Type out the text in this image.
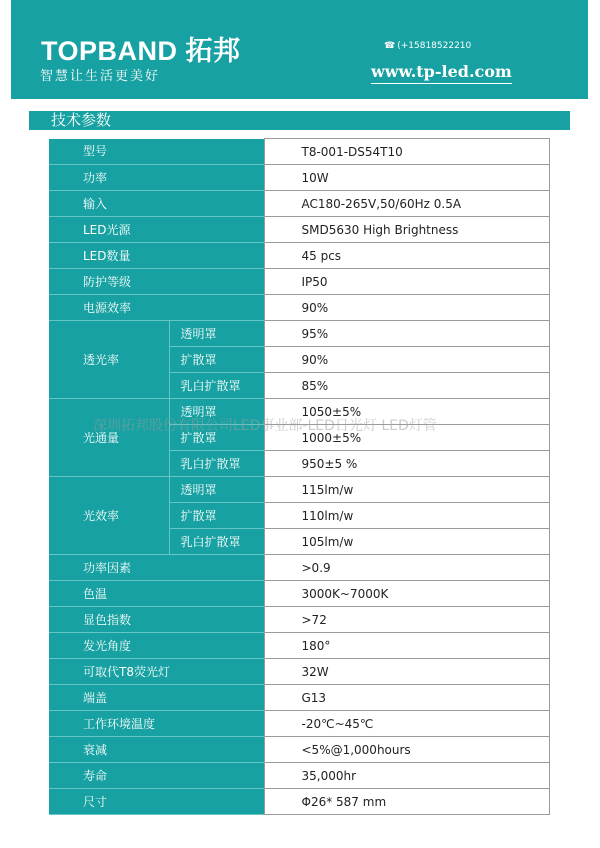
TOPBAND 拓邦
智慧让生活更美好
☎ (+15818522210
www.tp-led.com
技术参数
型号		T8-001-DS54T10
功率		10W
输入		AC180-265V,50/60Hz 0.5A
LED光源		SMD5630 High Brightness
LED数量		45 pcs
防护等级		IP50
电源效率		90%
透光率	透明罩	95%
	扩散罩	90%
	乳白扩散罩	85%
光通量	透明罩	1050±5%
	扩散罩	1000±5%
	乳白扩散罩	950±5 %
光效率	透明罩	115lm/w
	扩散罩	110lm/w
	乳白扩散罩	105lm/w
功率因素		>0.9
色温		3000K~7000K
显色指数		>72
发光角度		180°
可取代T8荧光灯		32W
端盖		G13
工作环境温度		-20℃~45℃
衰减		<5%@1,000hours
寿命		35,000hr
尺寸		Φ26* 587 mm
深圳拓邦股份有限公司LED事业部-LED日光灯 LED灯管
